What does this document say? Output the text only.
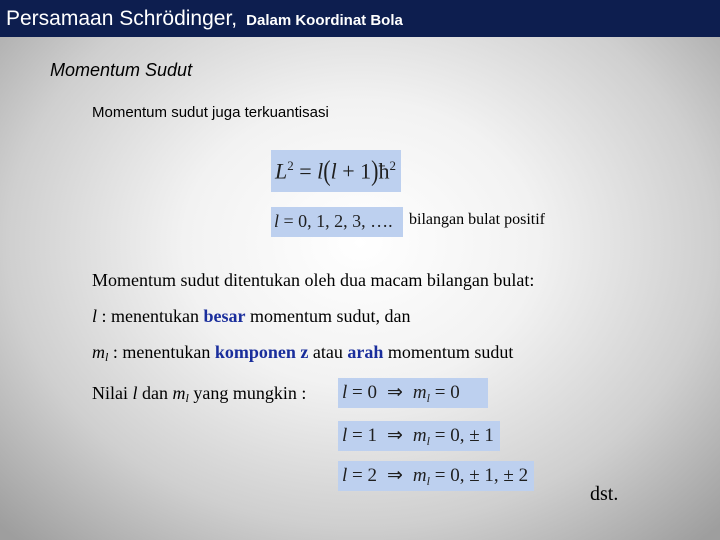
Persamaan Schrödinger, Dalam Koordinat Bola
Momentum Sudut
Momentum sudut juga terkuantisasi
$L^2 = l(l$ + $1)ħ^2$
l = 0, 1, 2, 3, ….	bilangan bulat positif
Momentum sudut ditentukan oleh dua macam bilangan bulat:
l : menentukan besar momentum sudut, dan
ml : menentukan komponen z atau arah momentum sudut
Nilai l dan ml yang mungkin : l = 0 ⇒ $m_l = 0$
l = 1 ⇒ $m_l = 0$, ± 1
l = 2 ⇒ $m_l = 0$, ± 1, ± 2
dst.
